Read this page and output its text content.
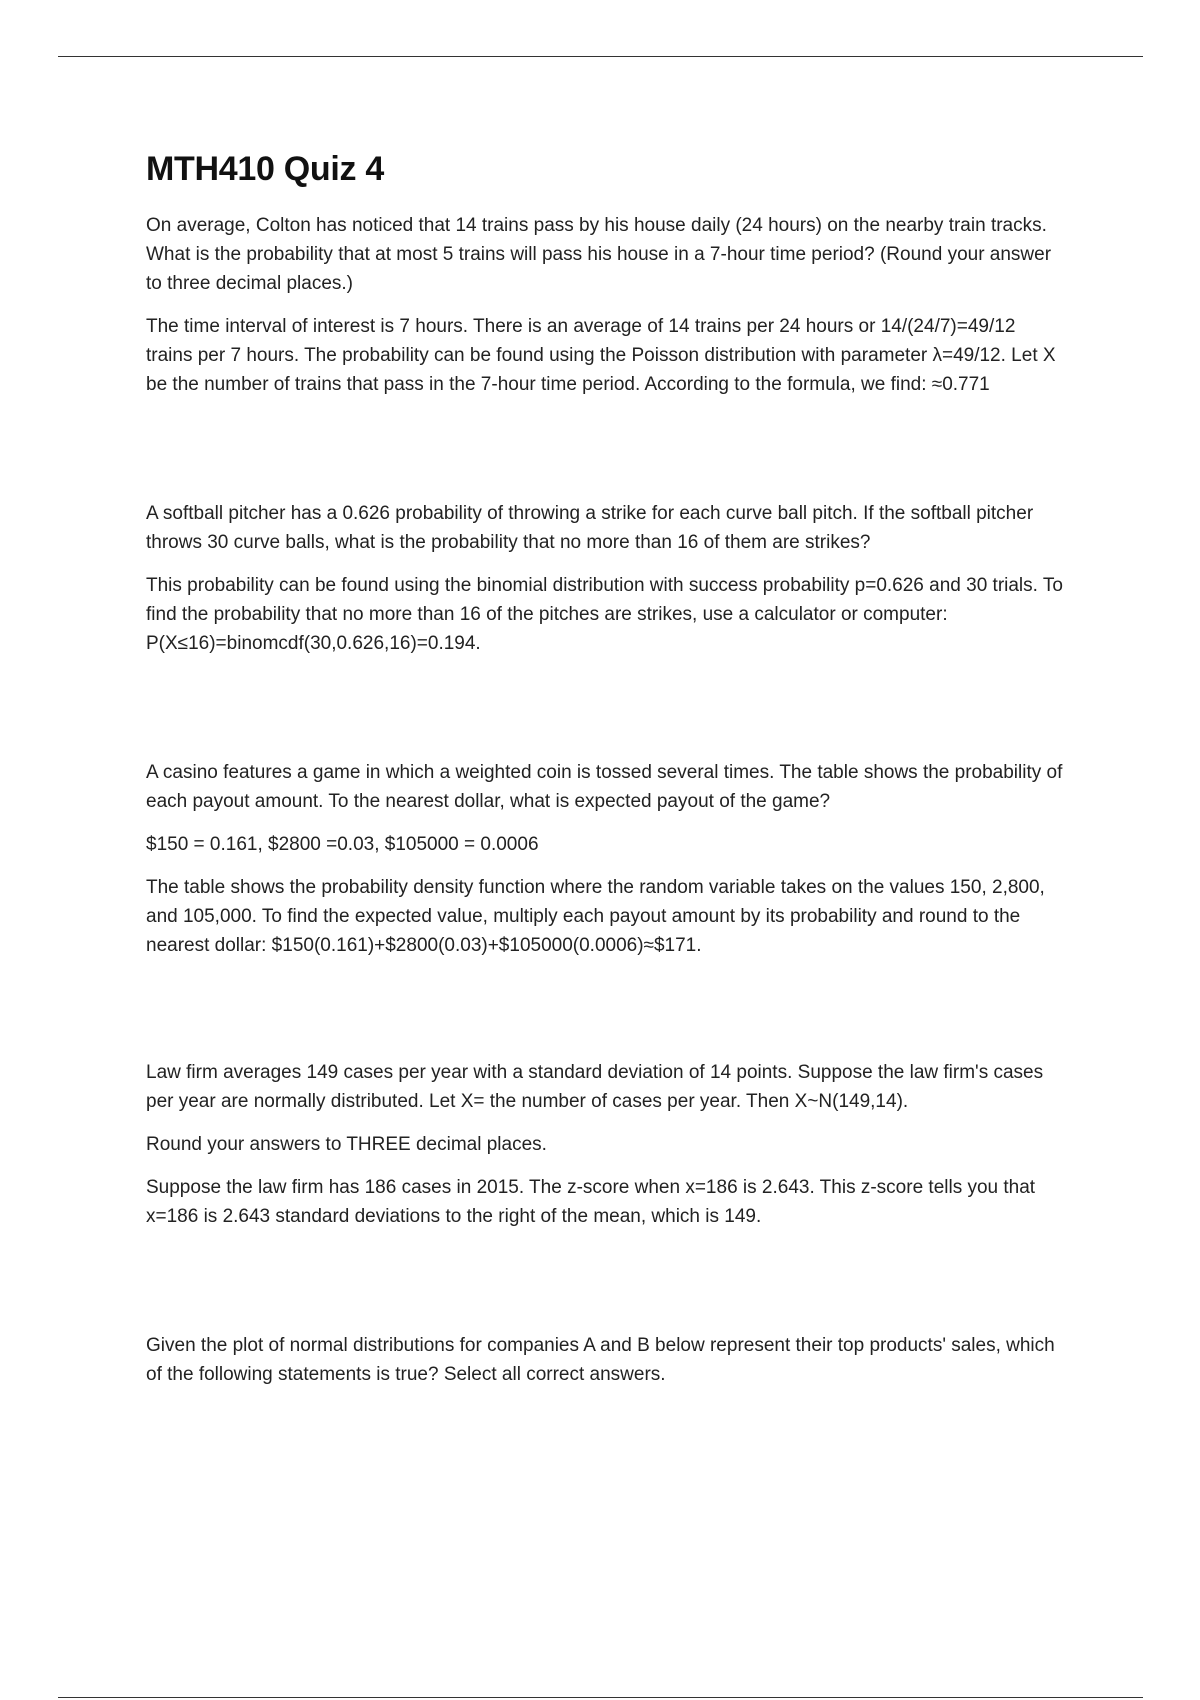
MTH410 Quiz 4

On average, Colton has noticed that 14 trains pass by his house daily (24 hours) on the nearby train tracks. What is the probability that at most 5 trains will pass his house in a 7-hour time period? (Round your answer to three decimal places.)

The time interval of interest is 7 hours. There is an average of 14 trains per 24 hours or 14/(24/7)=49/12 trains per 7 hours. The probability can be found using the Poisson distribution with parameter λ=49/12. Let X be the number of trains that pass in the 7-hour time period. According to the formula, we find: ≈0.771

A softball pitcher has a 0.626 probability of throwing a strike for each curve ball pitch. If the softball pitcher throws 30 curve balls, what is the probability that no more than 16 of them are strikes?

This probability can be found using the binomial distribution with success probability p=0.626 and 30 trials. To find the probability that no more than 16 of the pitches are strikes, use a calculator or computer: P(X≤16)=binomcdf(30,0.626,16)=0.194.

A casino features a game in which a weighted coin is tossed several times. The table shows the probability of each payout amount. To the nearest dollar, what is expected payout of the game?

$150 = 0.161, $2800 =0.03, $105000 = 0.0006

The table shows the probability density function where the random variable takes on the values 150, 2,800, and 105,000. To find the expected value, multiply each payout amount by its probability and round to the nearest dollar: $150(0.161)+$2800(0.03)+$105000(0.0006)≈$171.

Law firm averages 149 cases per year with a standard deviation of 14 points. Suppose the law firm's cases per year are normally distributed. Let X= the number of cases per year. Then X~N(149,14).

Round your answers to THREE decimal places.

Suppose the law firm has 186 cases in 2015. The z-score when x=186 is 2.643. This z-score tells you that x=186 is 2.643 standard deviations to the right of the mean, which is 149.

Given the plot of normal distributions for companies A and B below represent their top products' sales, which of the following statements is true? Select all correct answers.
